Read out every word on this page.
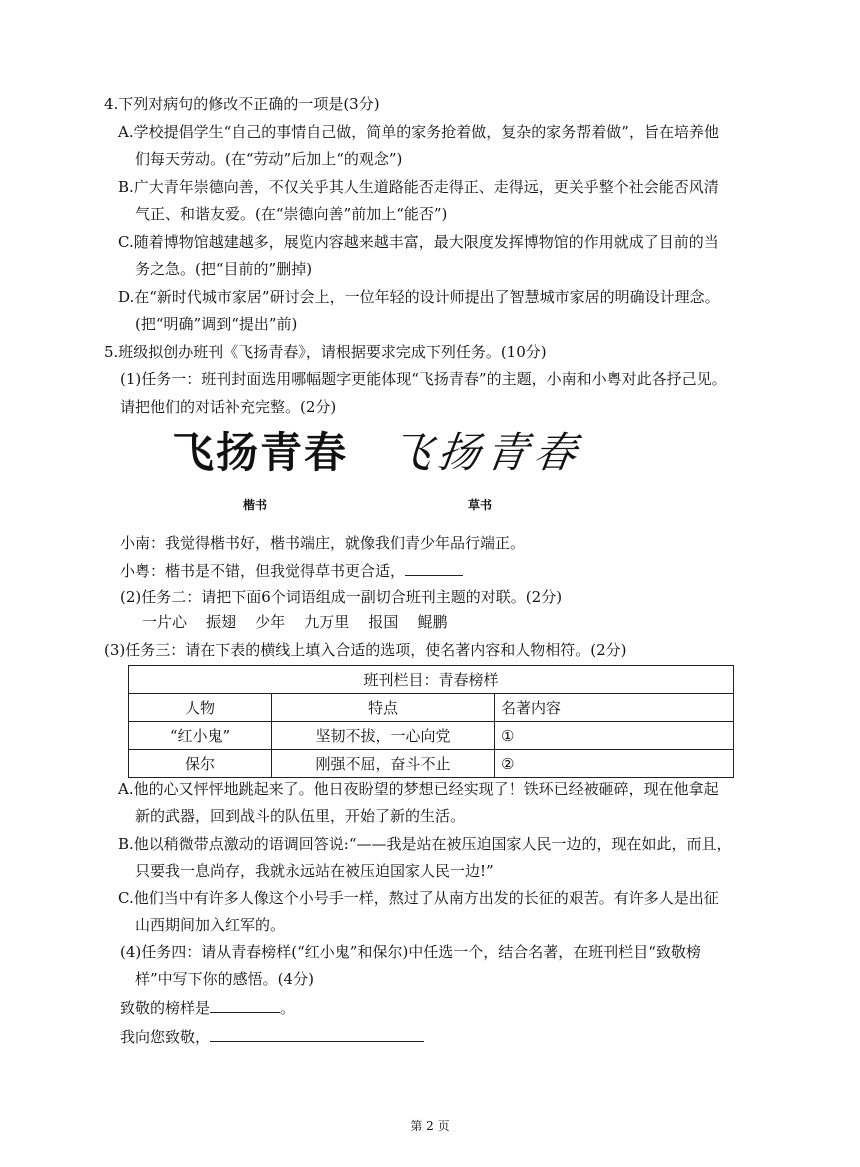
4.下列对病句的修改不正确的一项是(3分)
A.学校提倡学生“自己的事情自己做，简单的家务抢着做，复杂的家务帮着做”，旨在培养他
们每天劳动。(在“劳动”后加上“的观念”)
B.广大青年崇德向善，不仅关乎其人生道路能否走得正、走得远，更关乎整个社会能否风清
气正、和谐友爱。(在“崇德向善”前加上“能否”)
C.随着博物馆越建越多，展览内容越来越丰富，最大限度发挥博物馆的作用就成了目前的当
务之急。(把“目前的”删掉)
D.在“新时代城市家居”研讨会上，一位年轻的设计师提出了智慧城市家居的明确设计理念。
(把“明确”调到“提出”前)
5.班级拟创办班刊《飞扬青春》，请根据要求完成下列任务。(10分)
(1)任务一：班刊封面选用哪幅题字更能体现“飞扬青春”的主题，小南和小粤对此各抒己见。
请把他们的对话补充完整。(2分)
飞扬青春 飞扬青春
楷书	草书
小南：我觉得楷书好，楷书端庄，就像我们青少年品行端正。
小粤：楷书是不错，但我觉得草书更合适，
(2)任务二：请把下面6个词语组成一副切合班刊主题的对联。(2分)
一片心 振翅 少年 九万里 报国 鲲鹏
(3)任务三：请在下表的横线上填入合适的选项，使名著内容和人物相符。(2分)
班刊栏目：青春榜样		
人物	特点	名著内容
“红小鬼”	坚韧不拔，一心向党	①
保尔	刚强不屈，奋斗不止	②
A.他的心又怦怦地跳起来了。他日夜盼望的梦想已经实现了！铁环已经被砸碎，现在他拿起
新的武器，回到战斗的队伍里，开始了新的生活。
B.他以稍微带点激动的语调回答说:“——我是站在被压迫国家人民一边的，现在如此，而且，
只要我一息尚存，我就永远站在被压迫国家人民一边!”
C.他们当中有许多人像这个小号手一样，熬过了从南方出发的长征的艰苦。有许多人是出征
山西期间加入红军的。
(4)任务四：请从青春榜样(“红小鬼”和保尔)中任选一个，结合名著，在班刊栏目“致敬榜
样”中写下你的感悟。(4分)
致敬的榜样是	。
我向您致敬，
第 2 页
